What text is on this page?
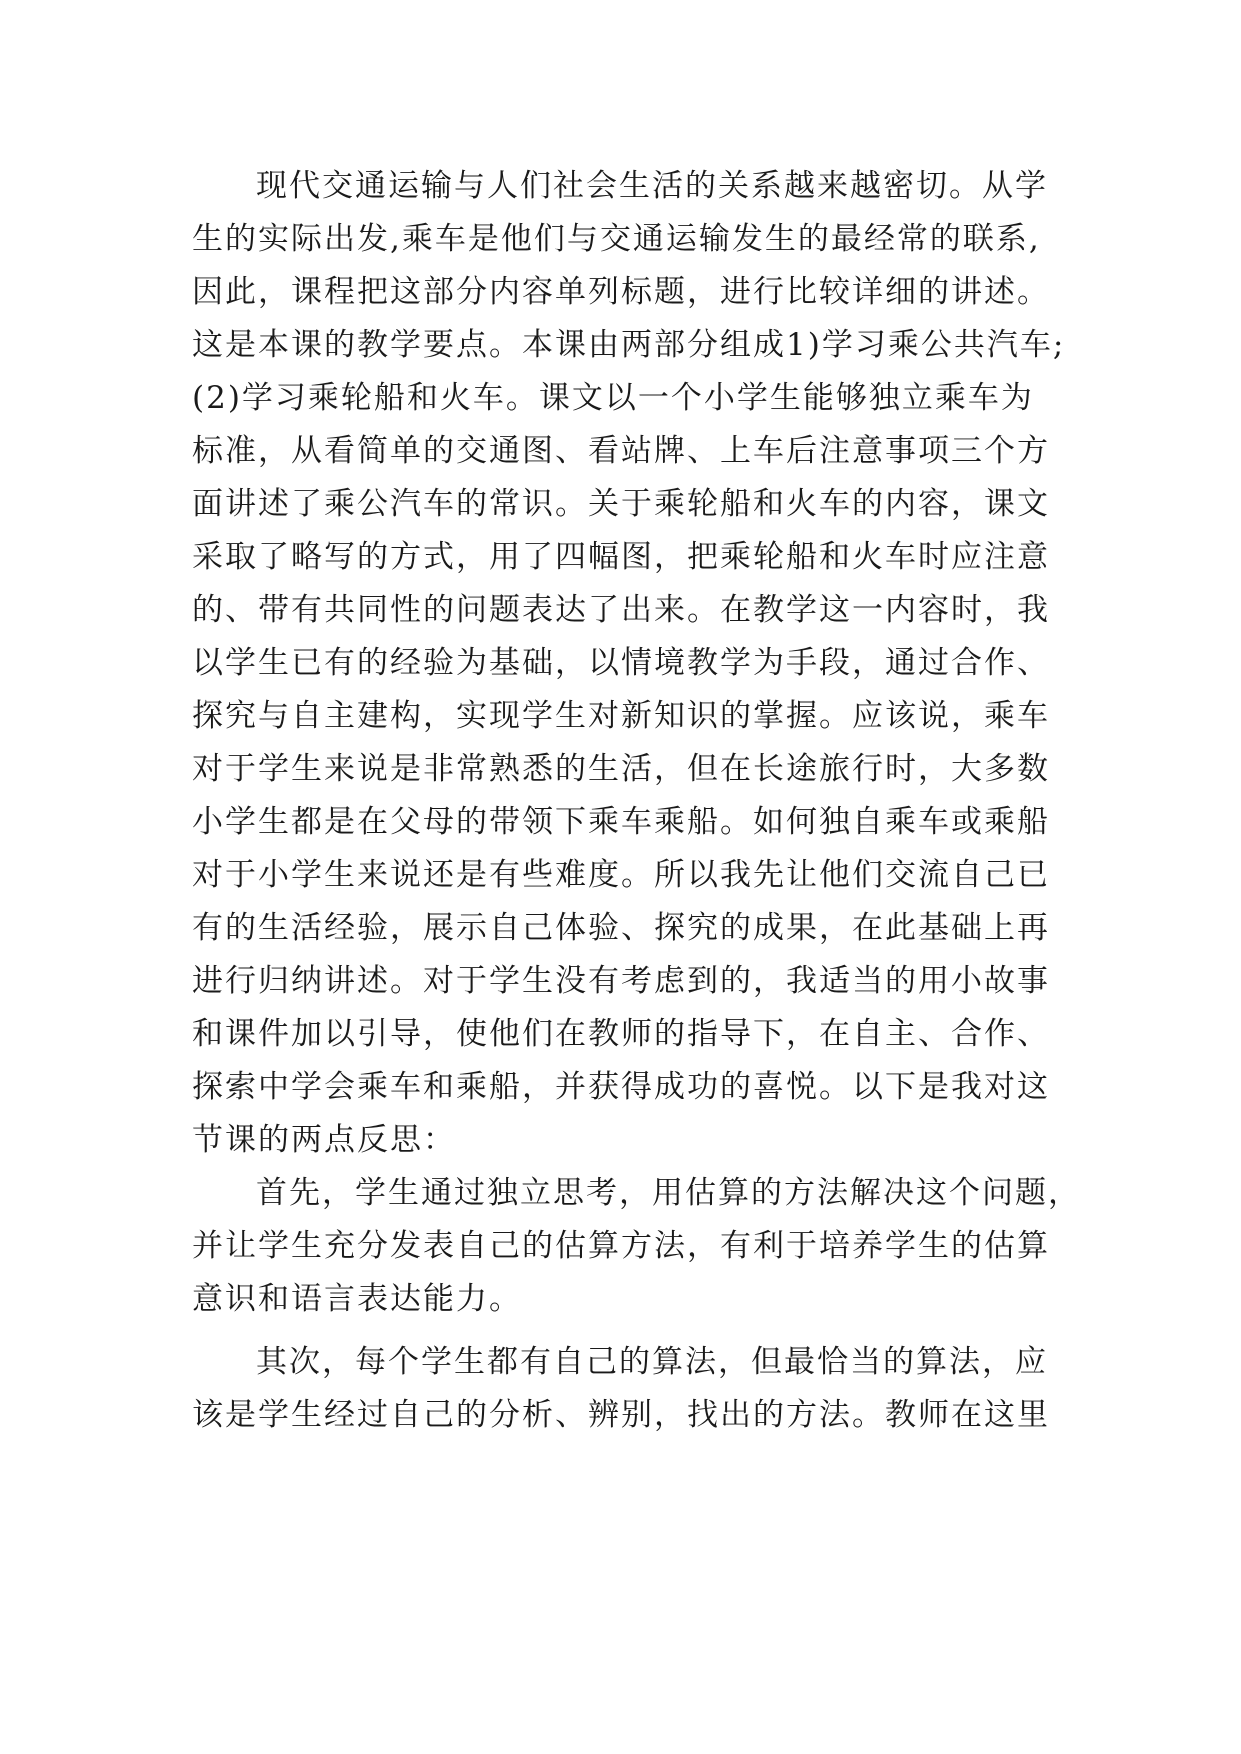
现代交通运输与人们社会生活的关系越来越密切。从学
生的实际出发,乘车是他们与交通运输发生的最经常的联系,
因此，课程把这部分内容单列标题，进行比较详细的讲述。
这是本课的教学要点。本课由两部分组成1)学习乘公共汽车;
(2)学习乘轮船和火车。课文以一个小学生能够独立乘车为
标准，从看简单的交通图、看站牌、上车后注意事项三个方
面讲述了乘公汽车的常识。关于乘轮船和火车的内容，课文
采取了略写的方式，用了四幅图，把乘轮船和火车时应注意
的、带有共同性的问题表达了出来。在教学这一内容时，我
以学生已有的经验为基础，以情境教学为手段，通过合作、
探究与自主建构，实现学生对新知识的掌握。应该说，乘车
对于学生来说是非常熟悉的生活，但在长途旅行时，大多数
小学生都是在父母的带领下乘车乘船。如何独自乘车或乘船
对于小学生来说还是有些难度。所以我先让他们交流自己已
有的生活经验，展示自己体验、探究的成果，在此基础上再
进行归纳讲述。对于学生没有考虑到的，我适当的用小故事
和课件加以引导，使他们在教师的指导下，在自主、合作、
探索中学会乘车和乘船，并获得成功的喜悦。以下是我对这
节课的两点反思：
首先，学生通过独立思考，用估算的方法解决这个问题，
并让学生充分发表自己的估算方法，有利于培养学生的估算
意识和语言表达能力。
其次，每个学生都有自己的算法，但最恰当的算法，应
该是学生经过自己的分析、辨别，找出的方法。教师在这里
